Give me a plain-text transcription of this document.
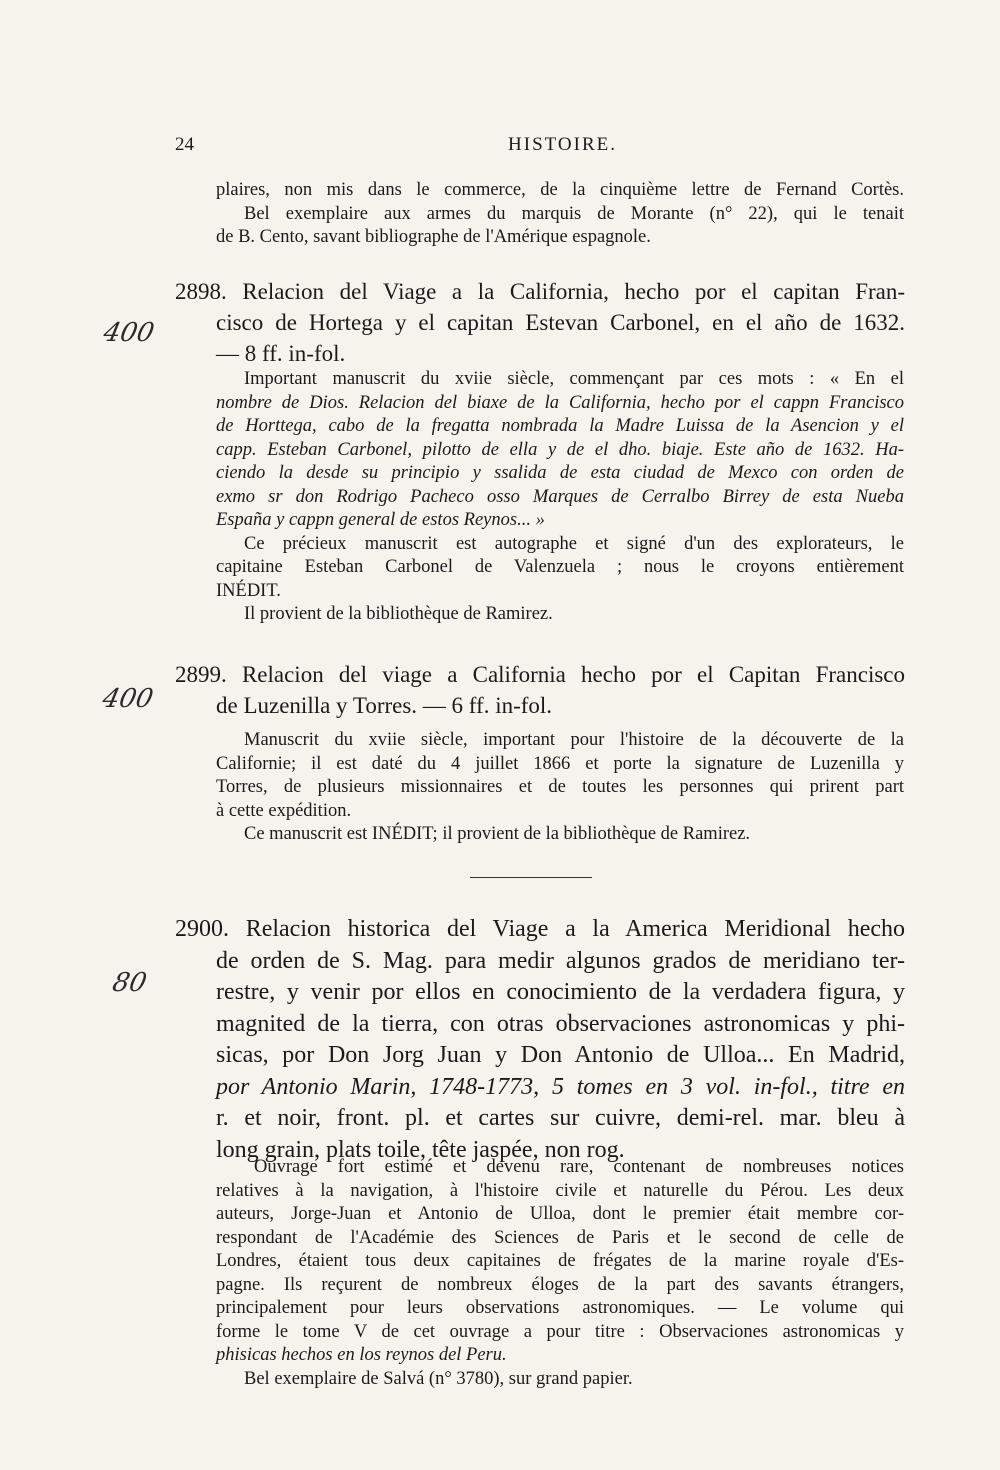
24	HISTOIRE.
plaires, non mis dans le commerce, de la cinquième lettre de Fernand Cortès.
Bel exemplaire aux armes du marquis de Morante (n° 22), qui le tenait
de B. Cento, savant bibliographe de l'Amérique espagnole.
400
2898. Relacion del Viage a la California, hecho por el capitan Fran-
cisco de Hortega y el capitan Estevan Carbonel, en el año de 1632.
— 8 ff. in-fol.
Important manuscrit du xviie siècle, commençant par ces mots : « En el
nombre de Dios. Relacion del biaxe de la California, hecho por el cappn Francisco
de Horttega, cabo de la fregatta nombrada la Madre Luissa de la Asencion y el
capp. Esteban Carbonel, pilotto de ella y de el dho. biaje. Este año de 1632. Ha-
ciendo la desde su principio y ssalida de esta ciudad de Mexco con orden de
exmo sr don Rodrigo Pacheco osso Marques de Cerralbo Birrey de esta Nueba
España y cappn general de estos Reynos... »
Ce précieux manuscrit est autographe et signé d'un des explorateurs, le
capitaine Esteban Carbonel de Valenzuela ; nous le croyons entièrement
INÉDIT.
Il provient de la bibliothèque de Ramirez.
400
2899. Relacion del viage a California hecho por el Capitan Francisco
de Luzenilla y Torres. — 6 ff. in-fol.
Manuscrit du xviie siècle, important pour l'histoire de la découverte de la
Californie; il est daté du 4 juillet 1866 et porte la signature de Luzenilla y
Torres, de plusieurs missionnaires et de toutes les personnes qui prirent part
à cette expédition.
Ce manuscrit est INÉDIT; il provient de la bibliothèque de Ramirez.
80
2900. Relacion historica del Viage a la America Meridional hecho
de orden de S. Mag. para medir algunos grados de meridiano ter-
restre, y venir por ellos en conocimiento de la verdadera figura, y
magnited de la tierra, con otras observaciones astronomicas y phi-
sicas, por Don Jorg Juan y Don Antonio de Ulloa... En Madrid,
por Antonio Marin, 1748-1773, 5 tomes en 3 vol. in-fol., titre en
r. et noir, front. pl. et cartes sur cuivre, demi-rel. mar. bleu à
long grain, plats toile, tête jaspée, non rog.
Ouvrage fort estimé et devenu rare, contenant de nombreuses notices
relatives à la navigation, à l'histoire civile et naturelle du Pérou. Les deux
auteurs, Jorge-Juan et Antonio de Ulloa, dont le premier était membre cor-
respondant de l'Académie des Sciences de Paris et le second de celle de
Londres, étaient tous deux capitaines de frégates de la marine royale d'Es-
pagne. Ils reçurent de nombreux éloges de la part des savants étrangers,
principalement pour leurs observations astronomiques. — Le volume qui
forme le tome V de cet ouvrage a pour titre : Observaciones astronomicas y
phisicas hechos en los reynos del Peru.
Bel exemplaire de Salvá (n° 3780), sur grand papier.
